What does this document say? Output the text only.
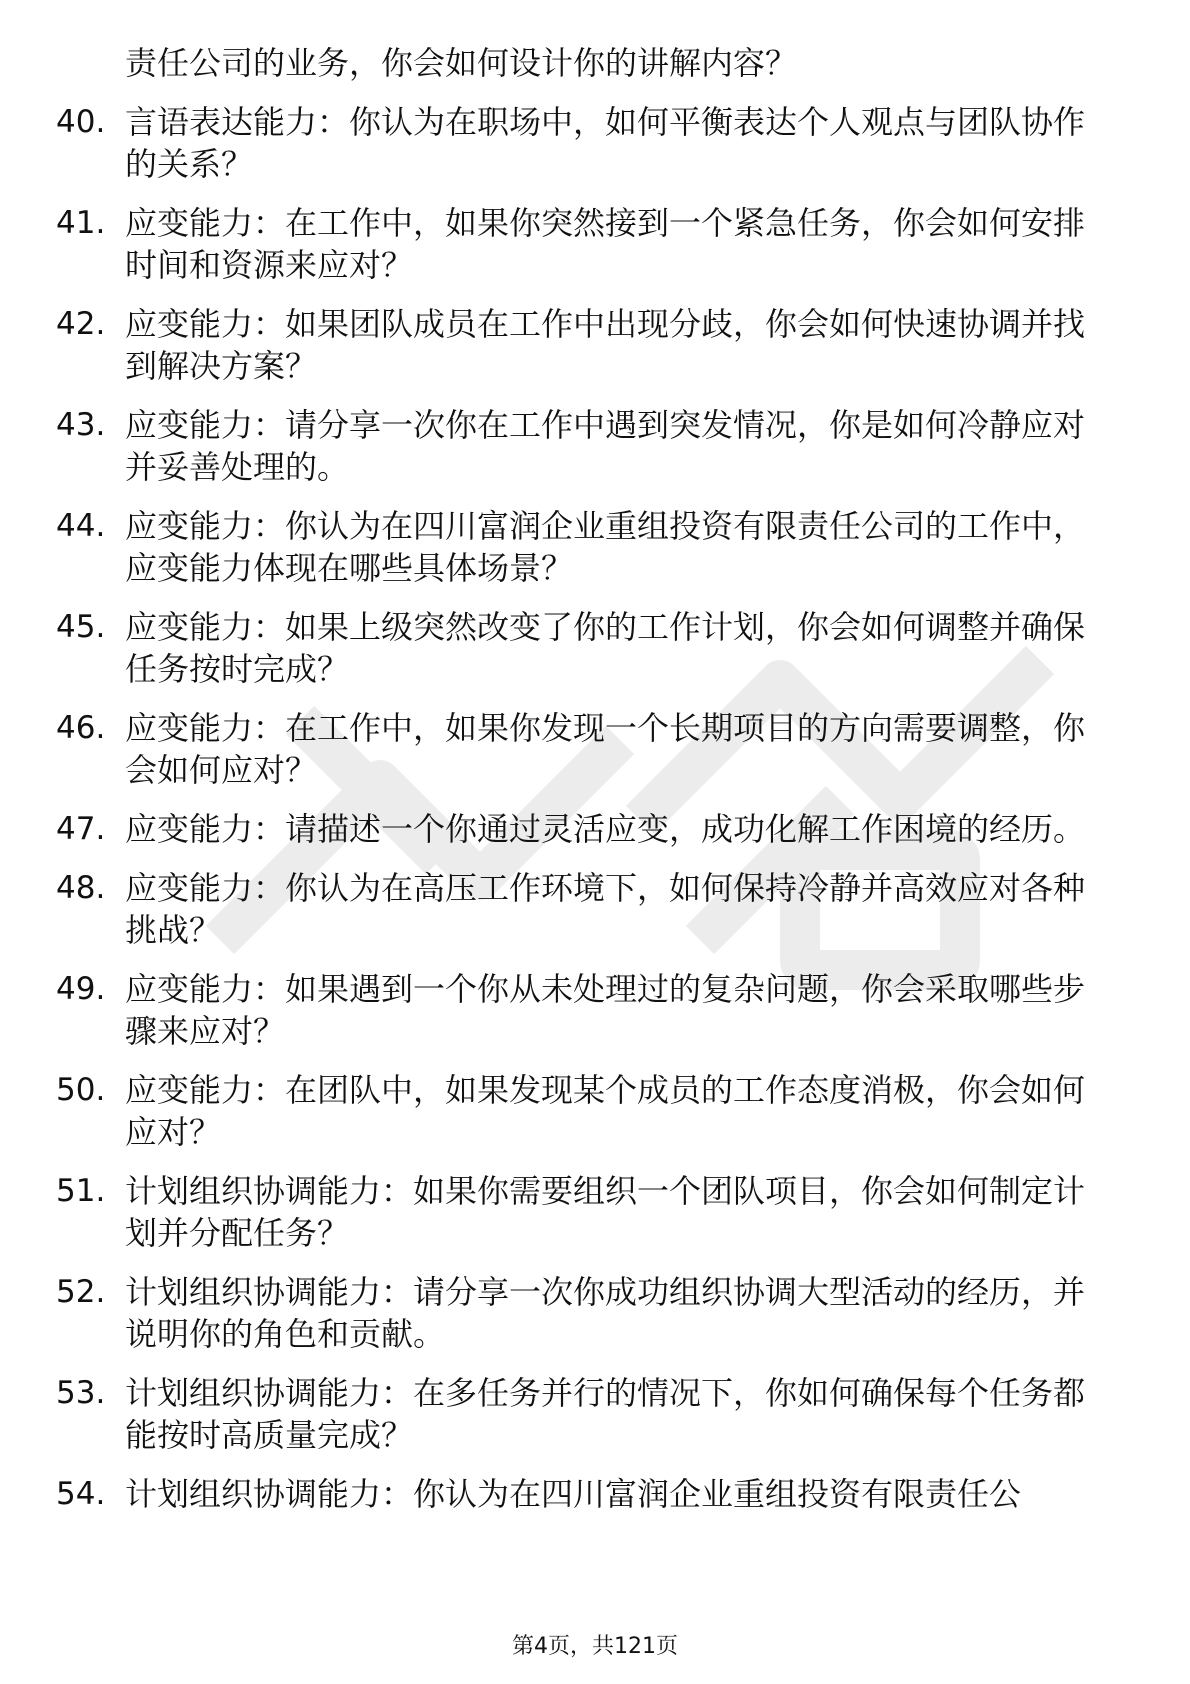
责任公司的业务，你会如何设计你的讲解内容？
40. 言语表达能力：你认为在职场中，如何平衡表达个人观点与团队协作的关系？
41. 应变能力：在工作中，如果你突然接到一个紧急任务，你会如何安排时间和资源来应对？
42. 应变能力：如果团队成员在工作中出现分歧，你会如何快速协调并找到解决方案？
43. 应变能力：请分享一次你在工作中遇到突发情况，你是如何冷静应对并妥善处理的。
44. 应变能力：你认为在四川富润企业重组投资有限责任公司的工作中，应变能力体现在哪些具体场景？
45. 应变能力：如果上级突然改变了你的工作计划，你会如何调整并确保任务按时完成？
46. 应变能力：在工作中，如果你发现一个长期项目的方向需要调整，你会如何应对？
47. 应变能力：请描述一个你通过灵活应变，成功化解工作困境的经历。
48. 应变能力：你认为在高压工作环境下，如何保持冷静并高效应对各种挑战？
49. 应变能力：如果遇到一个你从未处理过的复杂问题，你会采取哪些步骤来应对？
50. 应变能力：在团队中，如果发现某个成员的工作态度消极，你会如何应对？
51. 计划组织协调能力：如果你需要组织一个团队项目，你会如何制定计划并分配任务？
52. 计划组织协调能力：请分享一次你成功组织协调大型活动的经历，并说明你的角色和贡献。
53. 计划组织协调能力：在多任务并行的情况下，你如何确保每个任务都能按时高质量完成？
54. 计划组织协调能力：你认为在四川富润企业重组投资有限责任公
第4页，共121页
